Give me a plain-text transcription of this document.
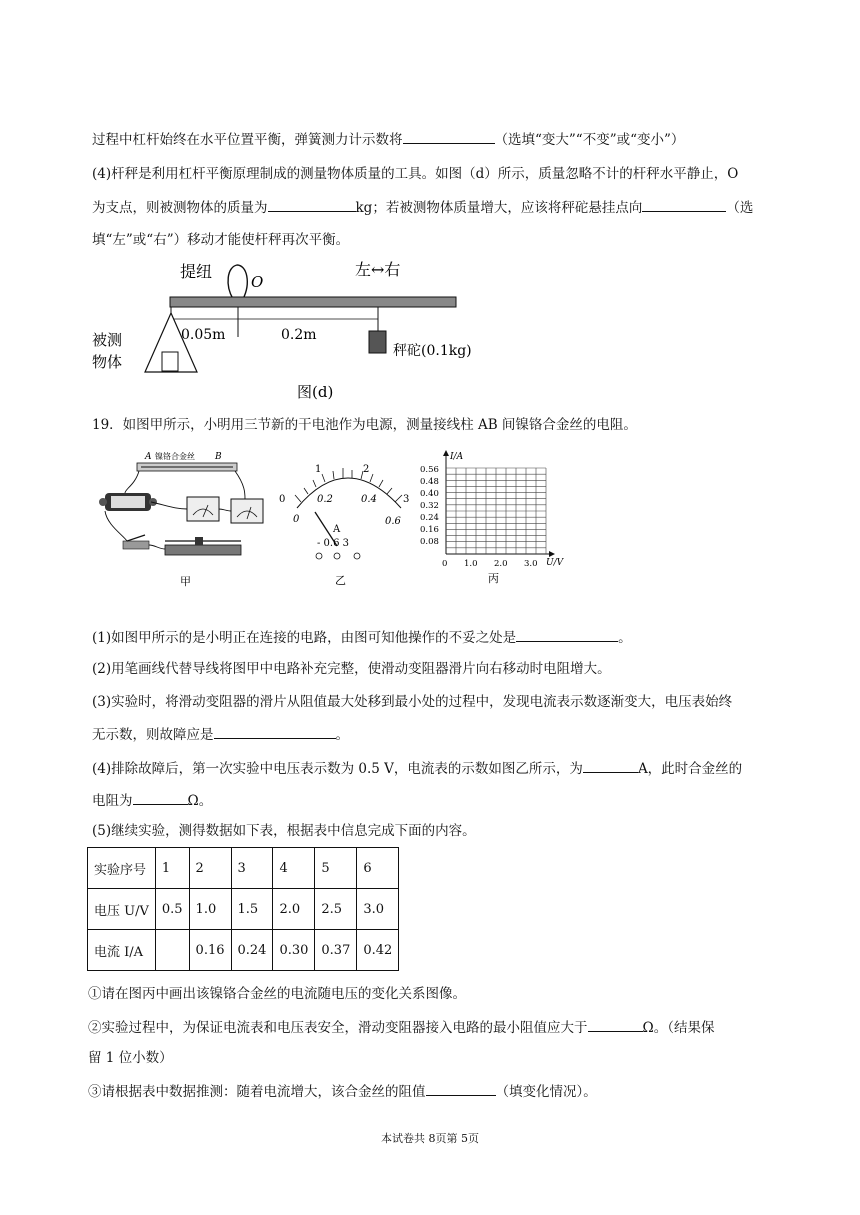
过程中杠杆始终在水平位置平衡，弹簧测力计示数将	（选填“变大”“不变”或“变小”）
(4)杆秤是利用杠杆平衡原理制成的测量物体质量的工具。如图（d）所示，质量忽略不计的杆秤水平静止，O
为支点，则被测物体的质量为	kg；若被测物体质量增大，应该将秤砣悬挂点向	（选
填“左”或“右”）移动才能使杆秤再次平衡。
提纽
O
左↔右
0.05m	0.2m
被测
物体
秤砣(0.1kg)
图(d)
19．如图甲所示，小明用三节新的干电池作为电源，测量接线柱 AB 间镍铬合金丝的电阻。
A 镍铬合金丝 B
甲
0
1	2
3
0
0.2	0.4
0.6
A
- 0.6 3
乙
I/A
U/V
0.56
0.48
0.40
0.32
0.24
0.16
0.08
0 1.0 2.0 3.0
丙
(1)如图甲所示的是小明正在连接的电路，由图可知他操作的不妥之处是	。
(2)用笔画线代替导线将图甲中电路补充完整，使滑动变阻器滑片向右移动时电阻增大。
(3)实验时，将滑动变阻器的滑片从阻值最大处移到最小处的过程中，发现电流表示数逐渐变大，电压表始终
无示数，则故障应是	。
(4)排除故障后，第一次实验中电压表示数为 0.5 V，电流表的示数如图乙所示，为	A，此时合金丝的
电阻为	Ω。
(5)继续实验，测得数据如下表，根据表中信息完成下面的内容。
实验序号	1	2	3	4	5	6
电压 U/V	0.5	1.0	1.5	2.0	2.5	3.0
电流 I/A		0.16	0.24	0.30	0.37	0.42
①请在图丙中画出该镍铬合金丝的电流随电压的变化关系图像。
②实验过程中，为保证电流表和电压表安全，滑动变阻器接入电路的最小阻值应大于	Ω。（结果保
留 1 位小数）
③请根据表中数据推测：随着电流增大，该合金丝的阻值	（填变化情况）。
本试卷共 8页第 5页
